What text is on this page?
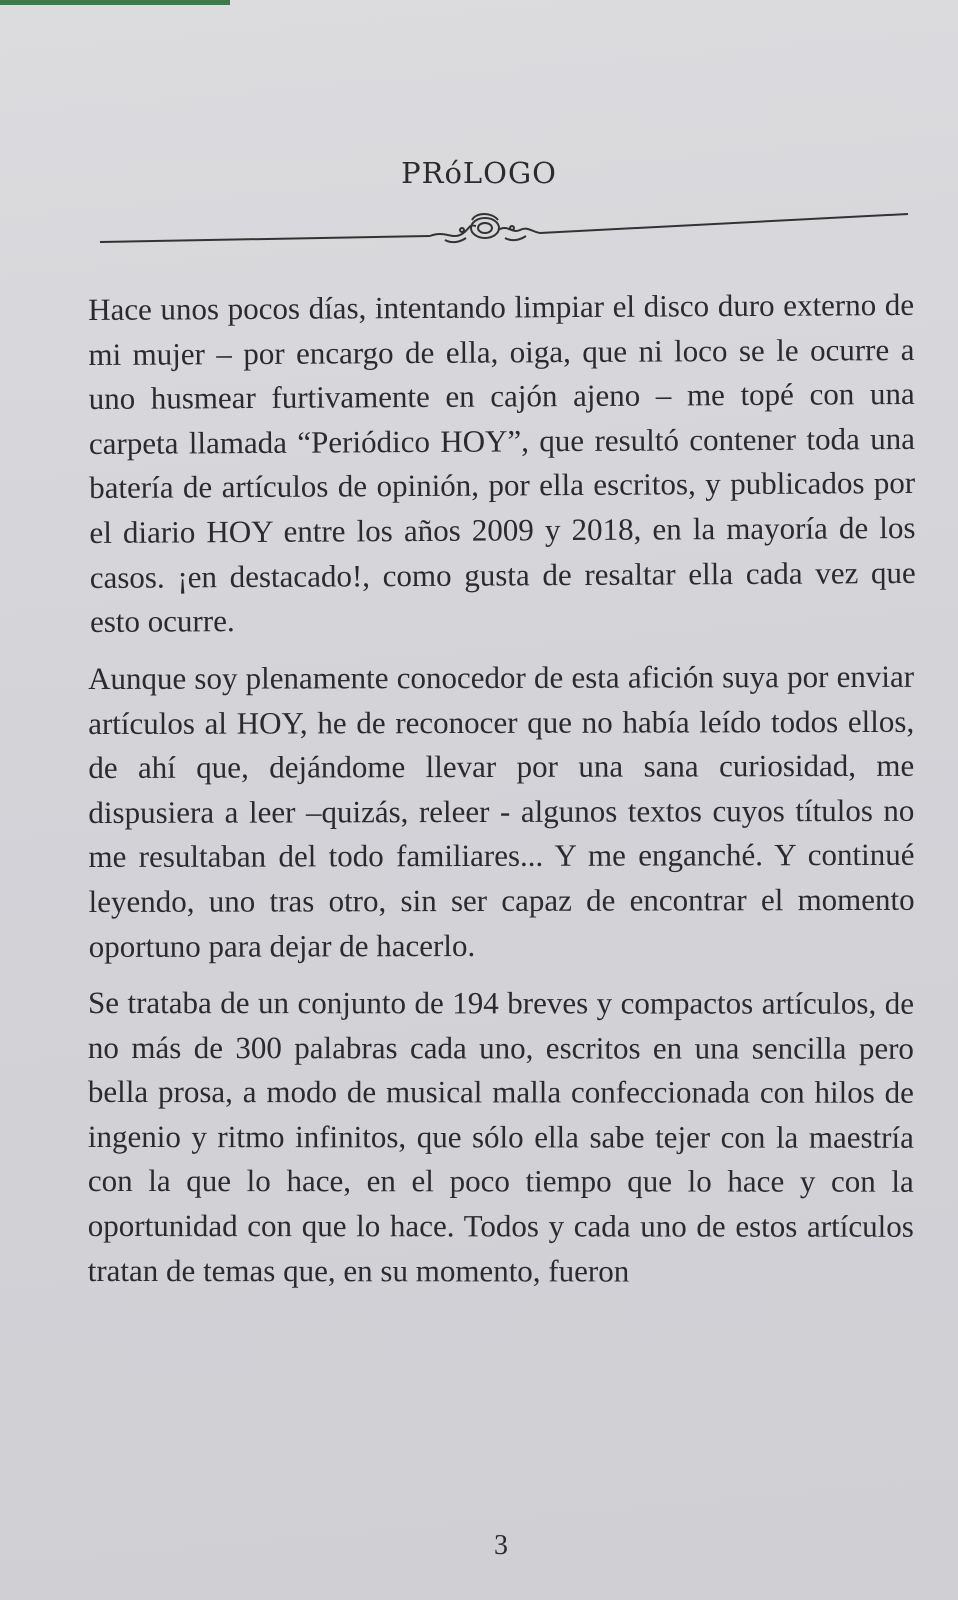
PRóLOGO

Hace unos pocos días, intentando limpiar el disco duro externo de mi mujer – por encargo de ella, oiga, que ni loco se le ocurre a uno husmear furtivamente en cajón ajeno – me topé con una carpeta llamada “Periódico HOY”, que resultó contener toda una batería de artículos de opinión, por ella escritos, y publicados por el diario HOY entre los años 2009 y 2018, en la mayoría de los casos. ¡en destacado!, como gusta de resaltar ella cada vez que esto ocurre.

Aunque soy plenamente conocedor de esta afición suya por enviar artículos al HOY, he de reconocer que no había leído todos ellos, de ahí que, dejándome llevar por una sana curiosidad, me dispusiera a leer –quizás, releer - algunos textos cuyos títulos no me resultaban del todo familiares... Y me enganché. Y continué leyendo, uno tras otro, sin ser capaz de encontrar el momento oportuno para dejar de hacerlo.

Se trataba de un conjunto de 194 breves y compactos artículos, de no más de 300 palabras cada uno, escritos en una sencilla pero bella prosa, a modo de musical malla confeccionada con hilos de ingenio y ritmo infinitos, que sólo ella sabe tejer con la maestría con la que lo hace, en el poco tiempo que lo hace y con la oportunidad con que lo hace. Todos y cada uno de estos artículos tratan de temas que, en su momento, fueron

3
